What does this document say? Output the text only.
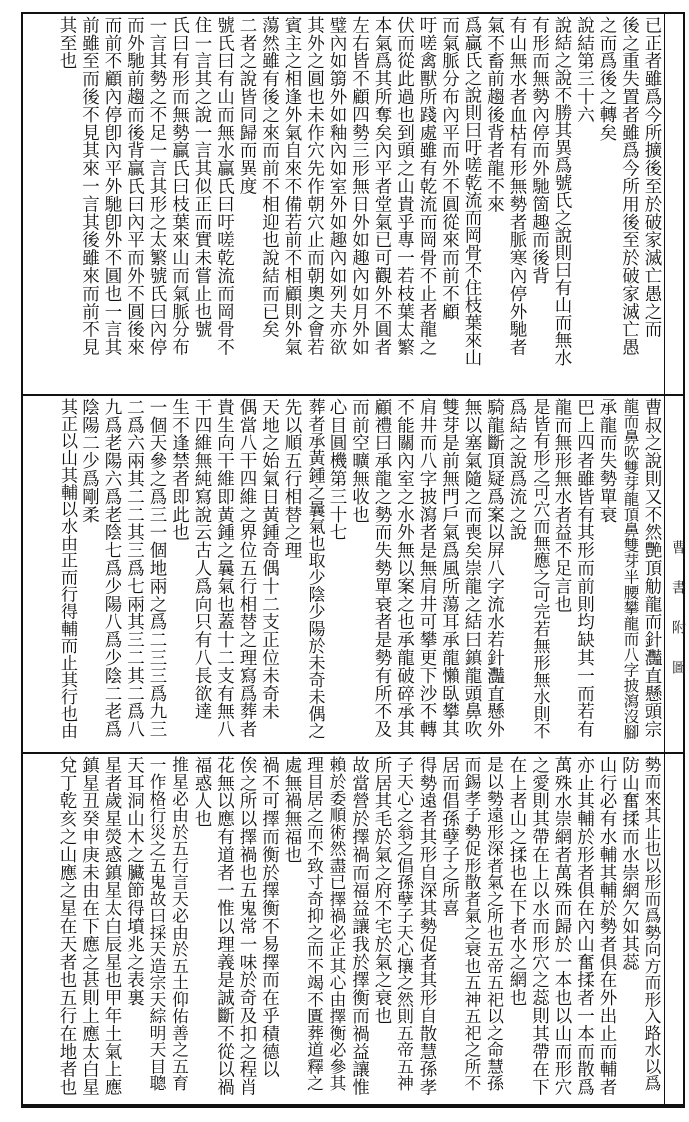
曹
書
附
圖
已正者雖爲今所擴後至於破家滅亡愚之而
後之重失置者雖爲今所用後至於破家滅亡愚
之而爲後之轉矣
說結第三十六
說結之說不勝其異爲號氏之說則曰有山而無水
有形而無勢內停而外馳箇趣而後背
有山無水者血枯有形無勢者脈寒內停外馳者
氣不畜前趨後背者龍不來
爲贏氏之說則曰吁嗟乾流而岡骨不住枝葉來山
而氣脈分布內平而外不圓從來而前不顧
吁嗟禽獸所踐處雖有乾流而岡骨不止者龍之
伏而從此過也到頭之山貴乎專一若枝葉太繁
本氣爲其所奪矣內平者堂氣已可觀外不圓者
左右皆不顧四勢三形無日外如趣內如月外如
璧內如篛外如釉內如室外如趣內如列夫亦欲
其外之圓也未作穴先作朝穴止而朝奧之會若
賓主之相逢外氣自來不備若前不相顧則外氣
蕩然雖有後之來而前不相迎也說結而已矣
二者之說皆同歸而異度
號氏曰有山而無水贏氏曰吁嗟乾流而岡骨不
住一言其之說一言其似正而實未嘗止也號
氏曰有形而無勢贏氏曰枝葉來山而氣脈分布
一言其勢之不足一言其形之太繁號氏曰內停
而外馳前趨而後背贏氏曰內平而外不圓後來
而前不顧內停卽內平外馳卽外不圓也一言其
前雖至而後不見其來一言其後雖來而前不見
其至也
曹叔之說則又不然艷頂觔龍而針灩直懸頭宗
龍而鼻吹雙芽龍頂鼻雙芽半腰攀龍而八字披瀉沒腳
承龍而失勢單衰
巴上四者雖皆有其形而前則均缺其一而若有
龍而無形無水者益不足言也
是皆有形之可穴而無應之可完若無形無水則不
爲結之說爲流之說
騎龍斷頂疑爲案以屏八字流水若針灩直懸外
無以塞氣隨之而喪矣崇龍之結曰鎮龍頭鼻吹
雙芽是前無門戶氣爲風所蕩耳承龍懶臥攀其
肩井而八字披瀉者是無肩井可攀更下沙不轉
不能關內室之水外無以案之也承龍破碎承其
顧禮曰承龍之勢而失勢單衰者是勢有所不及
而前空曠無收也
心目圓機第三十七
葬者承黃鍾之曩氣也取少陰少陽於未奇未偶之
先以順五行相替之理
天地之始氣日黃鍾奇偶十二支正位未奇未
偶當八干四維之界位五行相替之理寫爲葬者
貴生向干維即黃鍾之曩氣也蓋十二支有無八
干四維無純寫說云古人爲向只有八長欲達
生不逢禁者即此也
一個天參之爲三一個地兩之爲二三三爲九三
二爲六兩其二二其三爲七兩其三二其二爲八
九爲老陽六爲老陰七爲少陽八爲少陰二老爲
陰陽二少爲剛柔
其正以山其輔以水由正而行得輔而止其行也由
勢而來其止也以形而爲勢向方而形入路水以爲
防山奮揉而水崇網欠如其蕊
山行必有水輔其輔於勢者俱在外出止而輔者
亦止其輔於形者俱在內山奮揉者一本而散爲
萬殊水崇網者萬殊而歸於一本也以山而形穴
之愛則其帶在上以水而形穴之蕊則其帶在下
在上者山之揉也在下者水之網也
是以勢遠形深者氣之所也五帝五祀以之命慧孫
而錫孝子勢促形散者氣之衰也五神五祀之所不
居而倡孫孽子之所喜
得勢遠者其形自深其勢促者其形自散慧孫孝
子天心之翁之倡孫孽子天心攘之然則五帝五神
所居其毛於氣之府不宅於氣之衰也
故當營於擇禍而福益讓我於擇衡而禍益讓惟
賴於委順術然盡已擇禍必正其心由擇衡必參其
理目居之而不致寸奇抑之而不竭不匱葬道釋之
處無禍無福也
禍不可擇而衡於擇衡不易擇而在乎積德以
俟之所以擇禍也五鬼常一味於奇及扣之程肖
花無以應有道者一惟以理義是誠斷不從以禍
福惑人也
推星必由於五行言天必由於五土仰佑善之五育
一作格行災之五鬼故曰採天造宗天綜明天目聰
天耳洞山木之臟節得墳兆之表裏
星者歲星熒惑鎮星太白辰星也甲年土氣上應
鎮星丑癸申庚未由在下應之甚則上應太白星
兌丁乾亥之山應之星在天者也五行在地者也
